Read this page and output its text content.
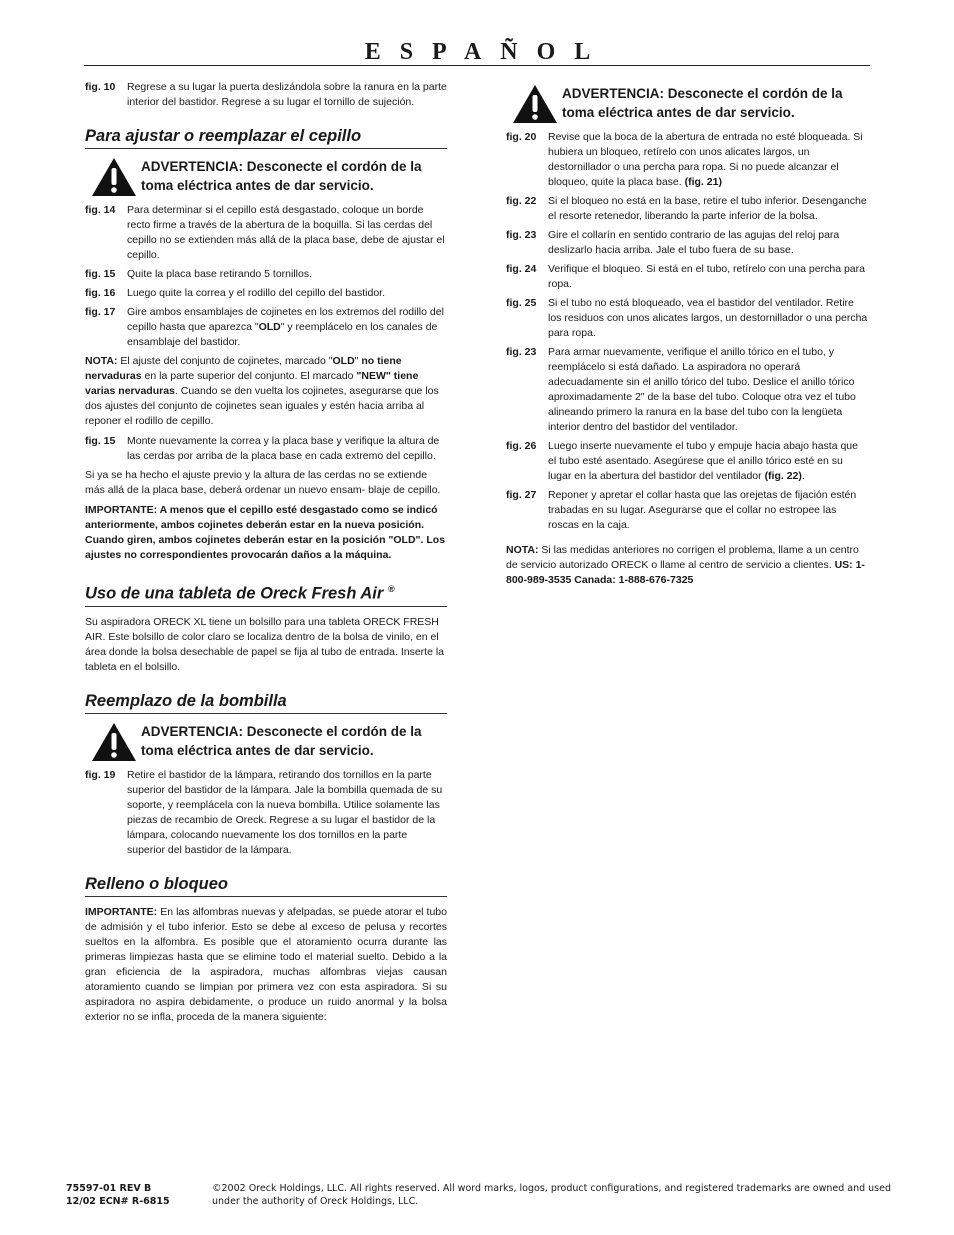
ESPAÑOL
fig. 10	Regrese a su lugar la puerta deslizándola sobre la ranura en la parte interior del bastidor. Regrese a su lugar el tornillo de sujeción.
Para ajustar o reemplazar el cepillo
ADVERTENCIA: Desconecte el cordón de la toma eléctrica antes de dar servicio.
fig. 14	Para determinar si el cepillo está desgastado, coloque un borde recto firme a través de la abertura de la boquilla. Si las cerdas del cepillo no se extienden más allá de la placa base, debe de ajustar el cepillo.
fig. 15	Quite la placa base retirando 5 tornillos.
fig. 16	Luego quite la correa y el rodillo del cepillo del bastidor.
fig. 17	Gire ambos ensamblajes de cojinetes en los extremos del rodillo del cepillo hasta que aparezca "OLD" y reemplácelo en los canales de ensamblaje del bastidor.

NOTA: El ajuste del conjunto de cojinetes, marcado "OLD" no tiene nervaduras en la parte superior del conjunto. El marcado "NEW" tiene varias nervaduras. Cuando se den vuelta los cojinetes, asegurarse que los dos ajustes del conjunto de cojinetes sean iguales y estén hacia arriba al reponer el rodillo de cepillo.

fig. 15	Monte nuevamente la correa y la placa base y verifique la altura de las cerdas por arriba de la placa base en cada extremo del cepillo.

Si ya se ha hecho el ajuste previo y la altura de las cerdas no se extiende más allá de la placa base, deberá ordenar un nuevo ensam- blaje de cepillo.

IMPORTANTE: A menos que el cepillo esté desgastado como se indicó anteriormente, ambos cojinetes deberán estar en la nueva posición. Cuando giren, ambos cojinetes deberán estar en la posición "OLD". Los ajustes no correspondientes provocarán daños a la máquina.

Uso de una tableta de Oreck Fresh Air ®

Su aspiradora ORECK XL tiene un bolsillo para una tableta ORECK FRESH AIR. Este bolsillo de color claro se localiza dentro de la bolsa de vinilo, en el área donde la bolsa desechable de papel se fija al tubo de entrada. Inserte la tableta en el bolsillo.

Reemplazo de la bombilla
ADVERTENCIA: Desconecte el cordón de la toma eléctrica antes de dar servicio.
fig. 19	Retire el bastidor de la lámpara, retirando dos tornillos en la parte superior del bastidor de la lámpara. Jale la bombilla quemada de su soporte, y reemplácela con la nueva bombilla. Utilice solamente las piezas de recambio de Oreck. Regrese a su lugar el bastidor de la lámpara, colocando nuevamente los dos tornillos en la parte superior del bastidor de la lámpara.
Relleno o bloqueo

IMPORTANTE: En las alfombras nuevas y afelpadas, se puede atorar el tubo de admisión y el tubo inferior. Esto se debe al exceso de pelusa y recortes sueltos en la alfombra. Es posible que el atoramiento ocurra durante las primeras limpiezas hasta que se elimine todo el material suelto. Debido a la gran eficiencia de la aspiradora, muchas alfombras viejas causan atoramiento cuando se limpian por primera vez con esta aspiradora. Si su aspiradora no aspira debidamente, o produce un ruido anormal y la bolsa exterior no se infla, proceda de la manera siguiente:

ADVERTENCIA: Desconecte el cordón de la toma eléctrica antes de dar servicio.
fig. 20	Revise que la boca de la abertura de entrada no esté bloqueada. Si hubiera un bloqueo, retírelo con unos alicates largos, un destornillador o una percha para ropa. Si no puede alcanzar el bloqueo, quite la placa base. (fig. 21)
fig. 22	Si el bloqueo no está en la base, retire el tubo inferior. Desenganche el resorte retenedor, liberando la parte inferior de la bolsa.
fig. 23	Gire el collarín en sentido contrario de las agujas del reloj para deslizarlo hacia arriba. Jale el tubo fuera de su base.
fig. 24	Verifique el bloqueo. Si está en el tubo, retírelo con una percha para ropa.
fig. 25	Si el tubo no está bloqueado, vea el bastidor del ventilador. Retire los residuos con unos alicates largos, un destornillador o una percha para ropa.
fig. 23	Para armar nuevamente, verifique el anillo tórico en el tubo, y reemplácelo si está dañado. La aspiradora no operará adecuadamente sin el anillo tórico del tubo. Deslice el anillo tórico aproximadamente 2" de la base del tubo. Coloque otra vez el tubo alineando primero la ranura en la base del tubo con la lengüeta interior dentro del bastidor del ventilador.
fig. 26	Luego inserte nuevamente el tubo y empuje hacia abajo hasta que el tubo esté asentado. Asegúrese que el anillo tórico esté en su lugar en la abertura del bastidor del ventilador (fig. 22).
fig. 27	Reponer y apretar el collar hasta que las orejetas de fijación estén trabadas en su lugar. Asegurarse que el collar no estropee las roscas en la caja.

NOTA: Si las medidas anteriores no corrigen el problema, llame a un centro de servicio autorizado ORECK o llame al centro de servicio a clientes. US: 1-800-989-3535 Canada: 1-888-676-7325

75597-01 REV B
12/02 ECN# R-6815
©2002 Oreck Holdings, LLC. All rights reserved. All word marks, logos, product configurations, and registered trademarks are owned and used under the authority of Oreck Holdings, LLC.
